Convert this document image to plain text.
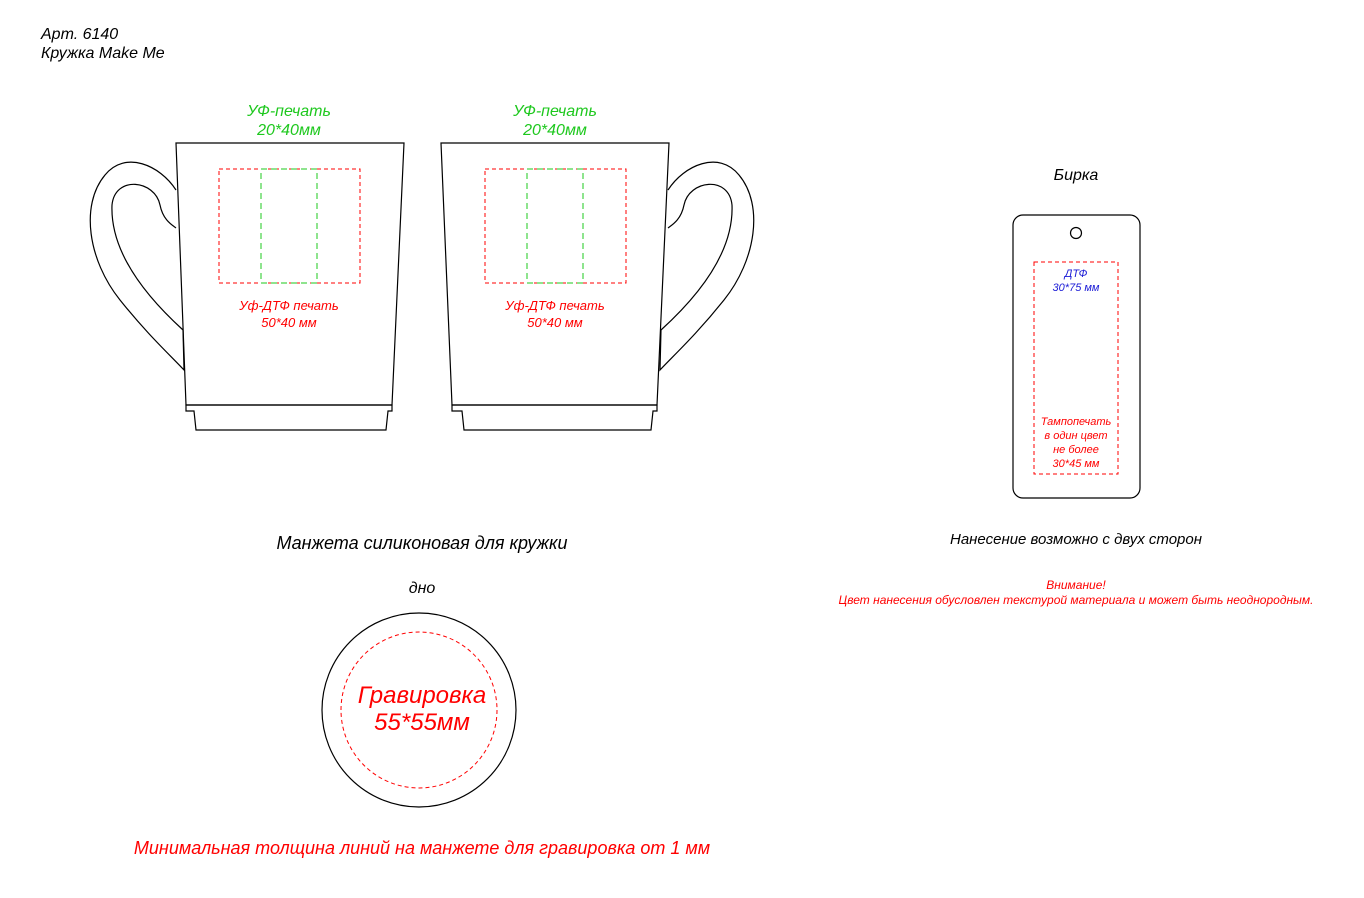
Арт. 6140
Кружка Make Me
УФ-печать
20*40мм
Уф-ДТФ печать
50*40 мм
УФ-печать
20*40мм
Уф-ДТФ печать
50*40 мм
Бирка
ДТФ
30*75 мм
Тампопечать
в один цвет
не более
30*45 мм
Нанесение возможно с двух сторон
Внимание!
Цвет нанесения обусловлен текстурой материала и может быть неоднородным.
Манжета силиконовая для кружки
дно
Гравировка
55*55мм
Минимальная толщина линий на манжете для гравировка от 1 мм
